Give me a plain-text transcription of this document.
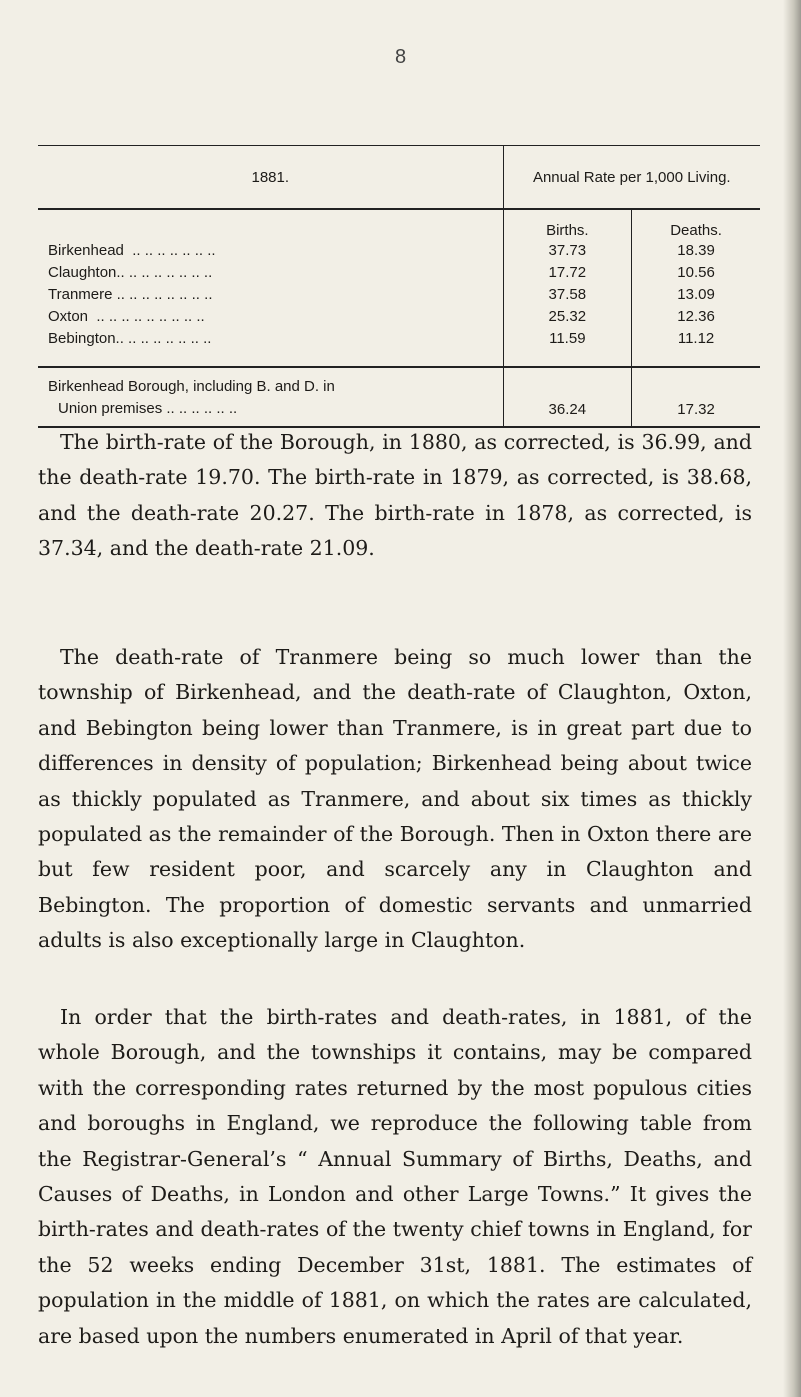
8
1881.	Annual Rate per 1,000 Living.	
	Births.	Deaths.
Birkenhead  .. .. .. .. .. .. ..	37.73	18.39
Claughton.. .. .. .. .. .. .. ..	17.72	10.56
Tranmere .. .. .. .. .. .. .. ..	37.58	13.09
Oxton  .. .. .. .. .. .. .. .. ..	25.32	12.36
Bebington.. .. .. .. .. .. .. ..	11.59	11.12

Birkenhead Borough, including B. and D. in
Union premises .. .. .. .. .. ..	36.24	17.32

The birth-rate of the Borough, in 1880, as corrected, is 36.99, and the death-rate 19.70. The birth-rate in 1879, as corrected, is 38.68, and the death-rate 20.27. The birth-rate in 1878, as corrected, is 37.34, and the death-rate 21.09.

The death-rate of Tranmere being so much lower than the township of Birkenhead, and the death-rate of Claughton, Oxton, and Bebington being lower than Tranmere, is in great part due to differences in density of population; Birkenhead being about twice as thickly populated as Tranmere, and about six times as thickly populated as the remainder of the Borough. Then in Oxton there are but few resident poor, and scarcely any in Claughton and Bebington. The proportion of domestic servants and unmarried adults is also exceptionally large in Claughton.

In order that the birth-rates and death-rates, in 1881, of the whole Borough, and the townships it contains, may be compared with the corresponding rates returned by the most populous cities and boroughs in England, we reproduce the following table from the Registrar-General’s “ Annual Summary of Births, Deaths, and Causes of Deaths, in London and other Large Towns.” It gives the birth-rates and death-rates of the twenty chief towns in England, for the 52 weeks ending December 31st, 1881. The estimates of population in the middle of 1881, on which the rates are calculated, are based upon the numbers enumerated in April of that year.
